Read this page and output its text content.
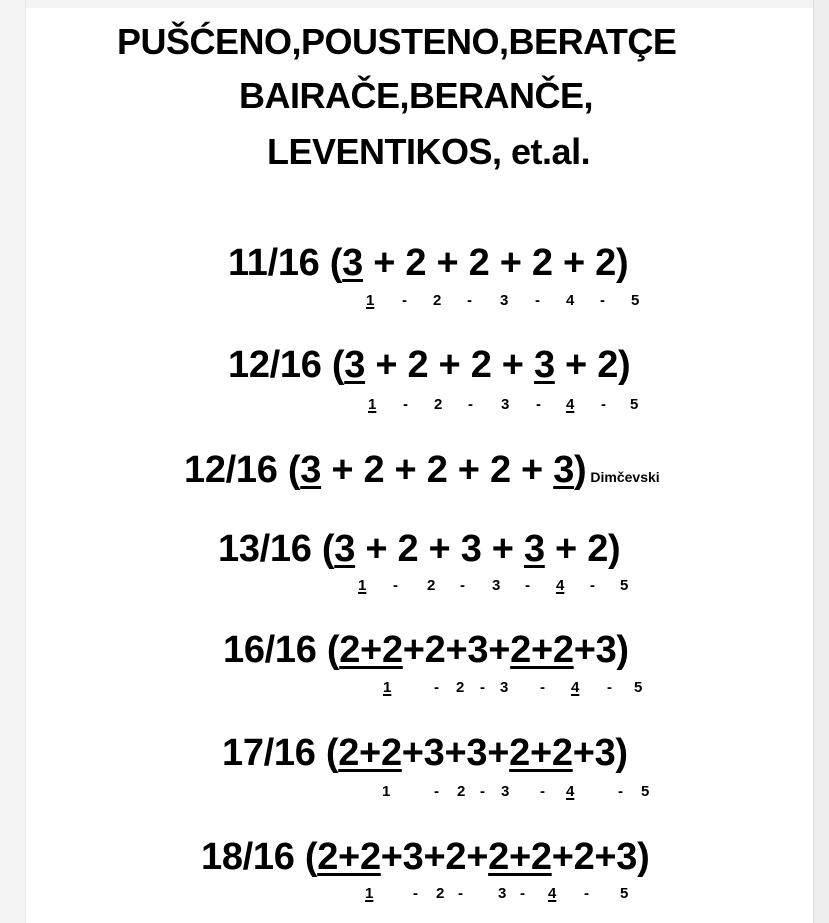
PUŠĆENO,POUSTENO,BERATÇE
BAIRAČE,BERANČE,
LEVENTIKOS, et.al.
11/16 (3 + 2 + 2 + 2 + 2)
1 - 2 - 3 - 4 - 5
12/16 (3 + 2 + 2 + 3 + 2)
1 - 2 - 3 - 4 - 5
12/16 (3 + 2 + 2 + 2 + 3) Dimčevski
13/16 (3 + 2 + 3 + 3 + 2)
1 - 2 - 3 - 4 - 5
16/16 (2+2+2+3+2+2+3)
1	- 2 - 3 - 4 - 5
17/16 (2+2+3+3+2+2+3)
1	- 2 - 3 - 4	- 5
18/16 (2+2+3+2+2+2+2+3)
1	- 2 - 3 - 4 - 5
